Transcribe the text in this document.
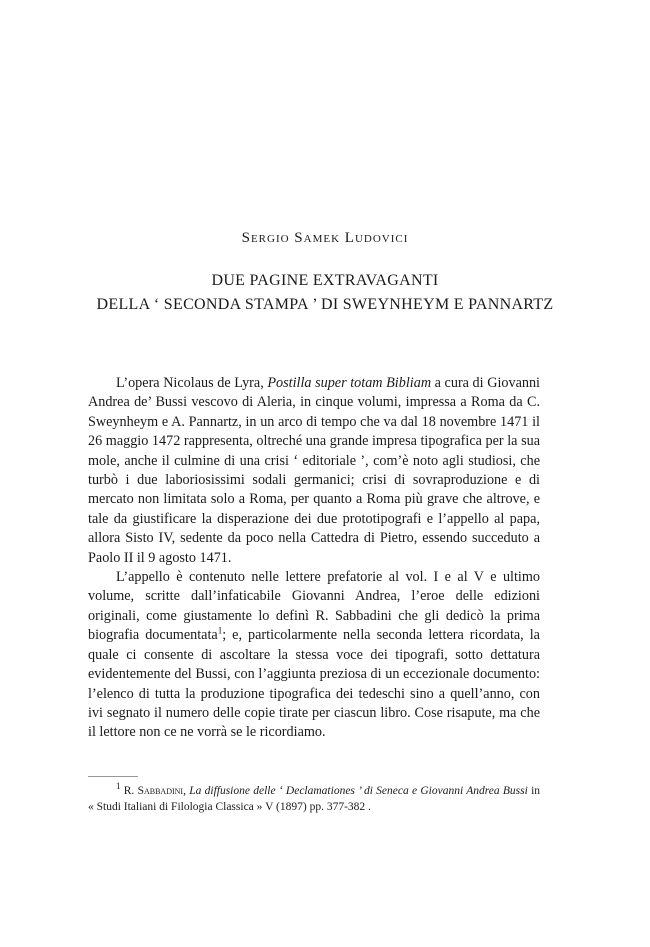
Sergio Samek Ludovici
DUE PAGINE EXTRAVAGANTI
DELLA ‘ SECONDA STAMPA ’ DI SWEYNHEYM E PANNARTZ

L’opera Nicolaus de Lyra, Postilla super totam Bibliam a cura di Giovanni Andrea de’ Bussi vescovo di Aleria, in cinque volumi, impressa a Roma da C. Sweynheym e A. Pannartz, in un arco di tempo che va dal 18 novembre 1471 il 26 maggio 1472 rappresenta, oltreché una grande impresa tipografica per la sua mole, anche il culmine di una crisi ‘ editoriale ’, com’è noto agli studiosi, che turbò i due laboriosissimi sodali germanici; crisi di sovraproduzione e di mercato non limitata solo a Roma, per quanto a Roma più grave che altrove, e tale da giustificare la disperazione dei due prototipografi e l’appello al papa, allora Sisto IV, sedente da poco nella Cattedra di Pietro, essendo succeduto a Paolo II il 9 agosto 1471.

L’appello è contenuto nelle lettere prefatorie al vol. I e al V e ultimo volume, scritte dall’infaticabile Giovanni Andrea, l’eroe delle edizioni originali, come giustamente lo definì R. Sabbadini che gli dedicò la prima biografia documentata$^1$; e, particolarmente nella seconda lettera ricordata, la quale ci consente di ascoltare la stessa voce dei tipografi, sotto dettatura evidentemente del Bussi, con l’aggiunta preziosa di un eccezionale documento: l’elenco di tutta la produzione tipografica dei tedeschi sino a quell’anno, con ivi segnato il numero delle copie tirate per ciascun libro. Cose risapute, ma che il lettore non ce ne vorrà se le ricordiamo.

$^1$ R. Sabbadini, La diffusione delle ‘ Declamationes ’ di Seneca e Giovanni Andrea Bussi in « Studi Italiani di Filologia Classica » V (1897) pp. 377-382 .
